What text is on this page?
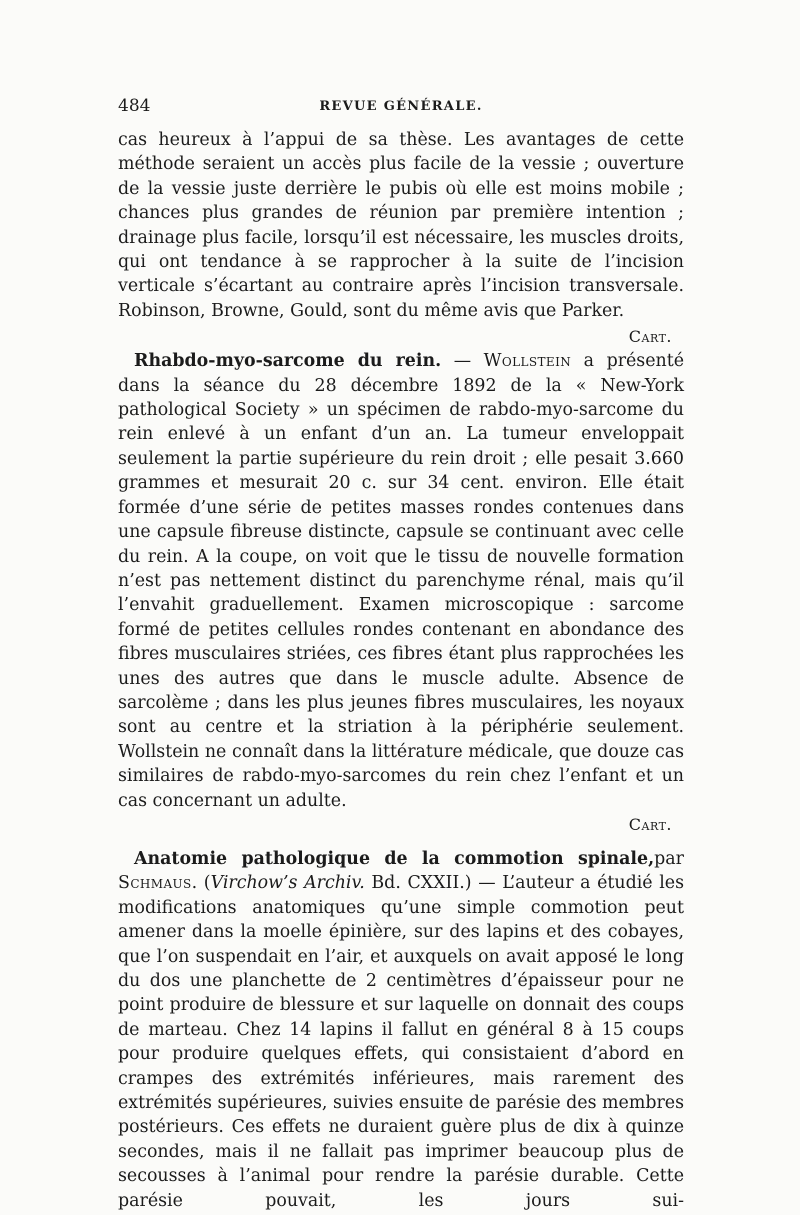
484	REVUE GÉNÉRALE.

cas heureux à l’appui de sa thèse. Les avantages de cette méthode seraient un accès plus facile de la vessie ; ouverture de la vessie juste derrière le pubis où elle est moins mobile ; chances plus grandes de réunion par première intention ; drainage plus facile, lorsqu’il est nécessaire, les muscles droits, qui ont tendance à se rapprocher à la suite de l’incision verticale s’écartant au contraire après l’incision transversale. Robinson, Browne, Gould, sont du même avis que Parker.

Cart.

Rhabdo-myo-sarcome du rein. — Wollstein a présenté dans la séance du 28 décembre 1892 de la « New-York pathological Society » un spécimen de rabdo-myo-sarcome du rein enlevé à un enfant d’un an. La tumeur enveloppait seulement la partie supérieure du rein droit ; elle pesait 3.660 grammes et mesurait 20 c. sur 34 cent. environ. Elle était formée d’une série de petites masses rondes contenues dans une capsule fibreuse distincte, capsule se continuant avec celle du rein. A la coupe, on voit que le tissu de nouvelle formation n’est pas nettement distinct du parenchyme rénal, mais qu’il l’envahit graduellement. Examen microscopique : sarcome formé de petites cellules rondes contenant en abondance des fibres musculaires striées, ces fibres étant plus rapprochées les unes des autres que dans le muscle adulte. Absence de sarcolème ; dans les plus jeunes fibres musculaires, les noyaux sont au centre et la striation à la périphérie seulement. Wollstein ne connaît dans la littérature médicale, que douze cas similaires de rabdo-myo-sarcomes du rein chez l’enfant et un cas concernant un adulte.

Cart.

Anatomie pathologique de la commotion spinale,par Schmaus. (Virchow’s Archiv. Bd. CXXII.) — L’auteur a étudié les modifications anatomiques qu’une simple commotion peut amener dans la moelle épinière, sur des lapins et des cobayes, que l’on suspendait en l’air, et auxquels on avait apposé le long du dos une planchette de 2 centimètres d’épaisseur pour ne point produire de blessure et sur laquelle on donnait des coups de marteau. Chez 14 lapins il fallut en général 8 à 15 coups pour produire quelques effets, qui consistaient d’abord en crampes des extrémités inférieures, mais rarement des extrémités supérieures, suivies ensuite de parésie des membres postérieurs. Ces effets ne duraient guère plus de dix à quinze secondes, mais il ne fallait pas imprimer beaucoup plus de secousses à l’animal pour rendre la parésie durable. Cette parésie pouvait, les jours sui-
